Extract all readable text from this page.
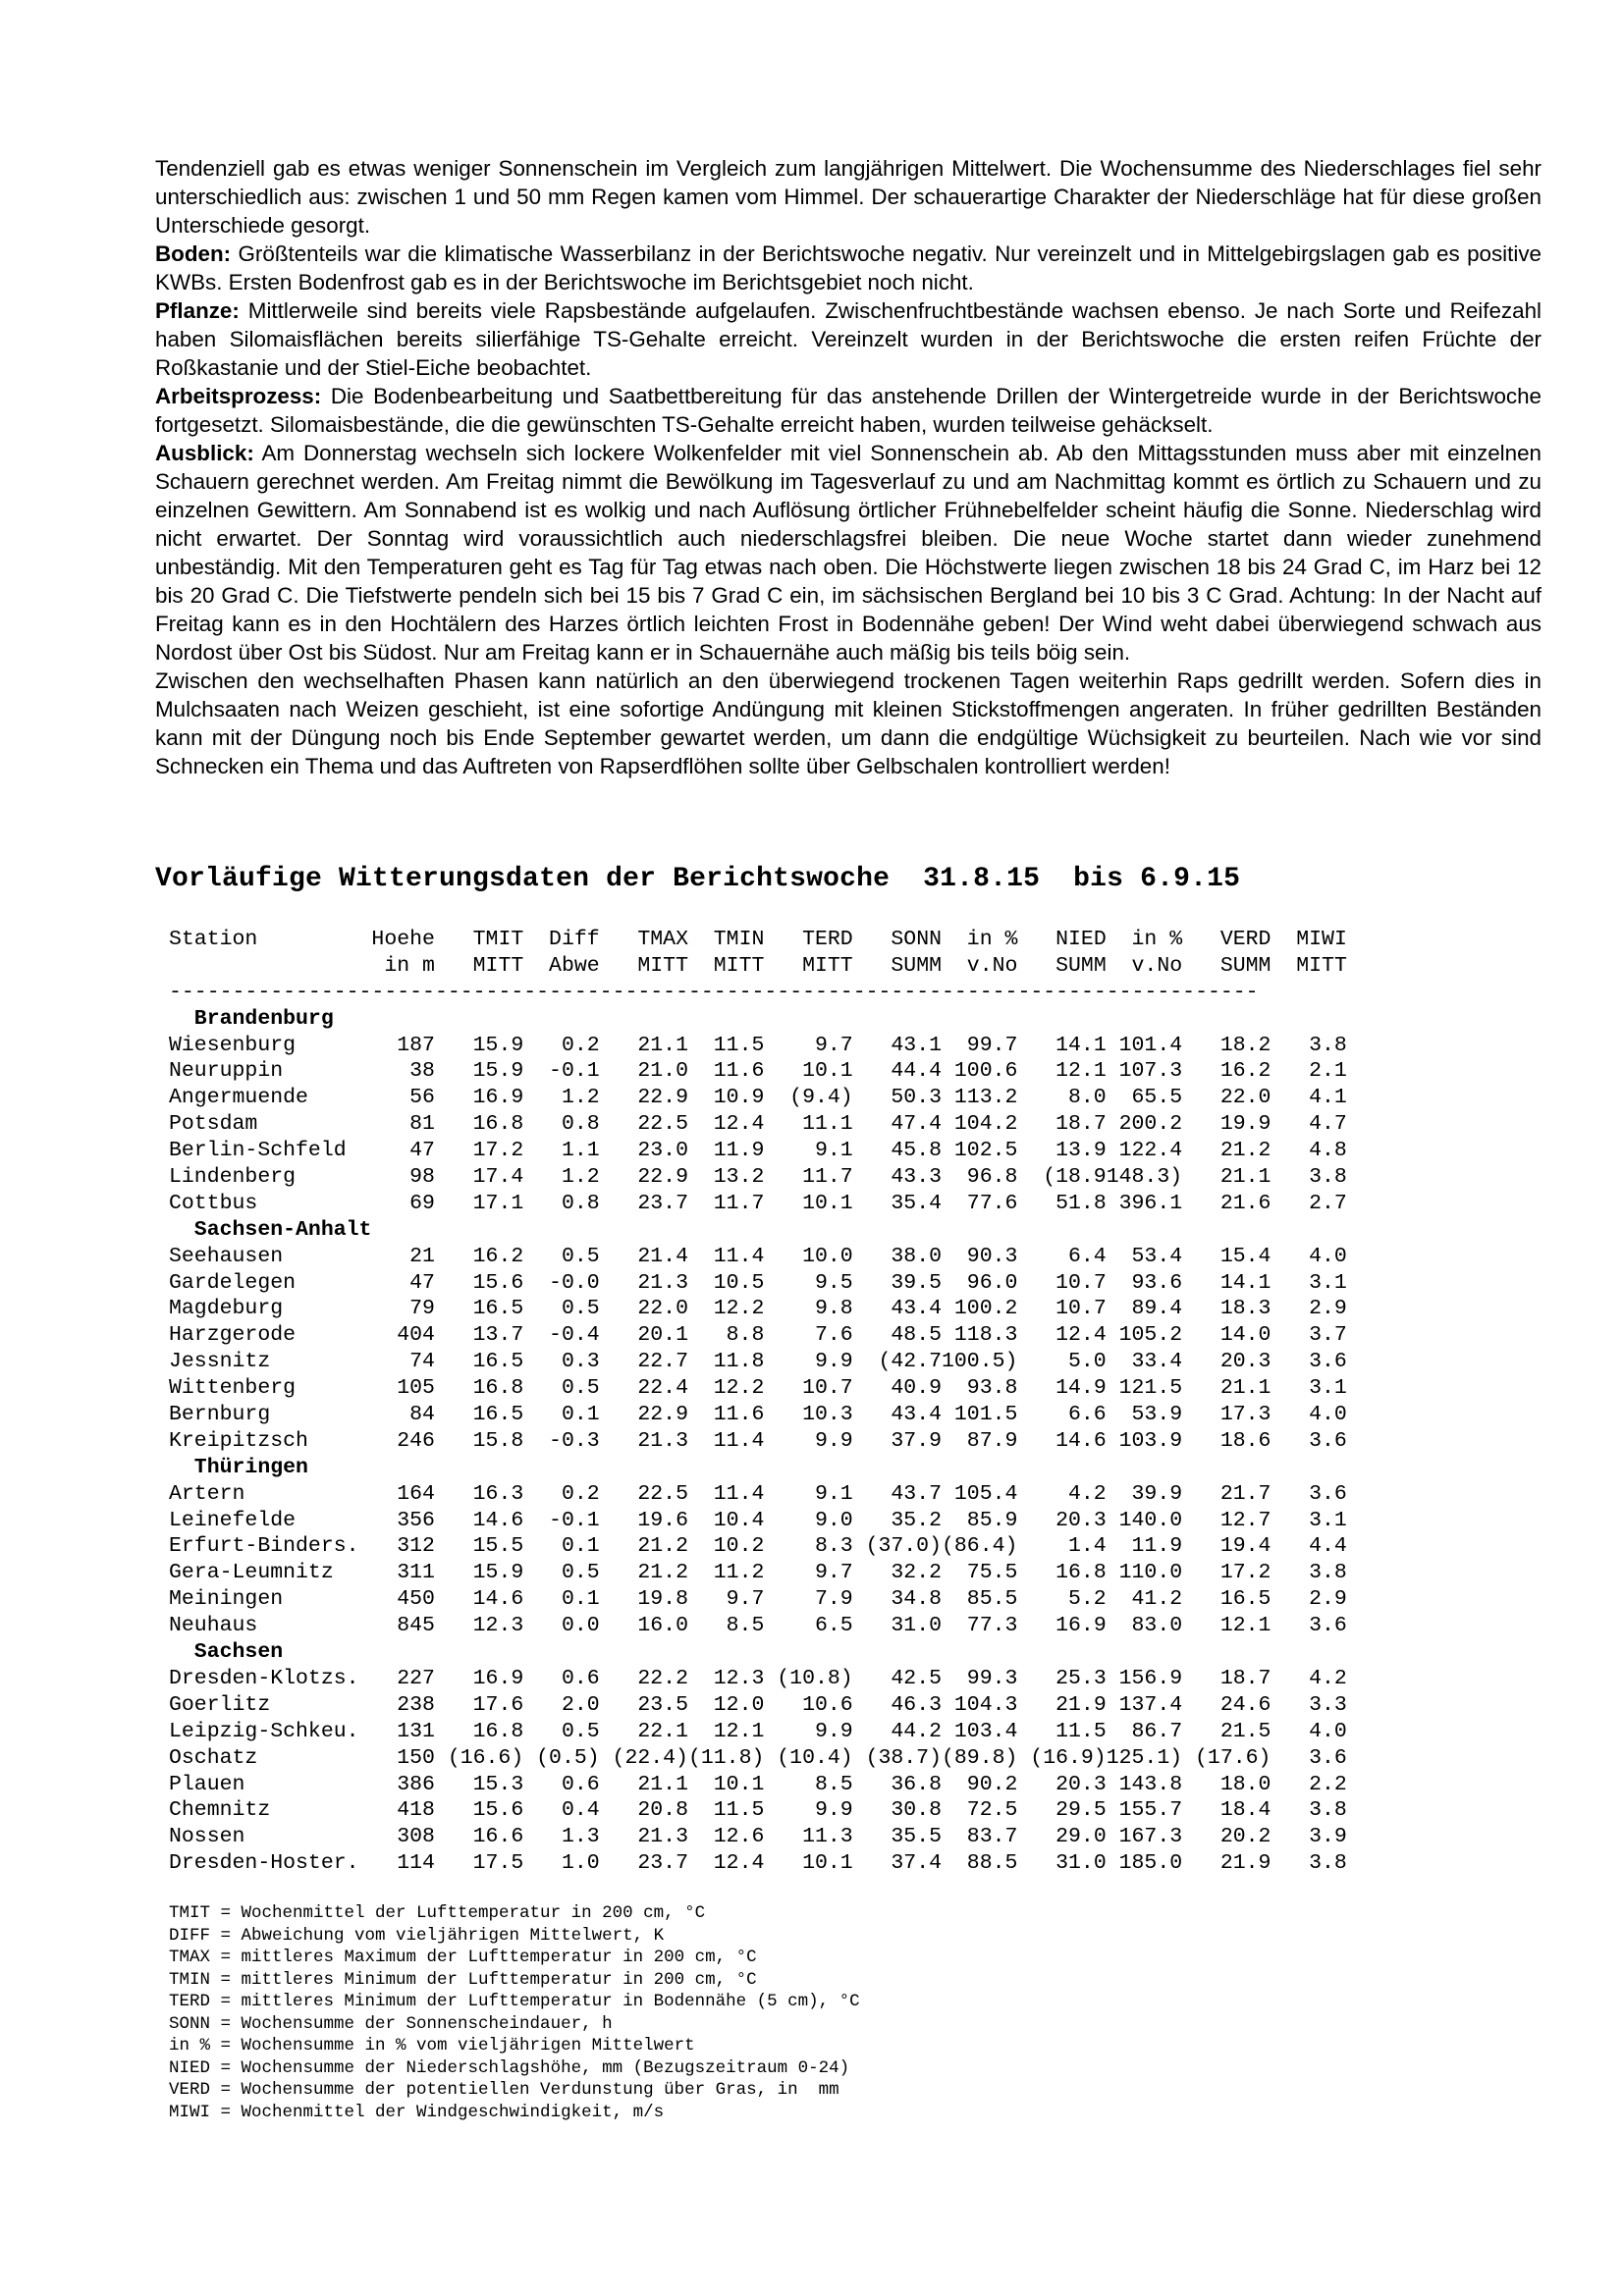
Tendenziell gab es etwas weniger Sonnenschein im Vergleich zum langjährigen Mittelwert. Die Wochensumme des Niederschlages fiel sehr unterschiedlich aus: zwischen 1 und 50 mm Regen kamen vom Himmel. Der schauerartige Charakter der Niederschläge hat für diese großen Unterschiede gesorgt.

Boden: Größtenteils war die klimatische Wasserbilanz in der Berichtswoche negativ. Nur vereinzelt und in Mittelgebirgslagen gab es positive KWBs. Ersten Bodenfrost gab es in der Berichtswoche im Berichtsgebiet noch nicht.

Pflanze: Mittlerweile sind bereits viele Rapsbestände aufgelaufen. Zwischenfruchtbestände wachsen ebenso. Je nach Sorte und Reifezahl haben Silomaisflächen bereits silierfähige TS-Gehalte erreicht. Vereinzelt wurden in der Berichtswoche die ersten reifen Früchte der Roßkastanie und der Stiel-Eiche beobachtet.

Arbeitsprozess: Die Bodenbearbeitung und Saatbettbereitung für das anstehende Drillen der Wintergetreide wurde in der Berichtswoche fortgesetzt. Silomaisbestände, die die gewünschten TS-Gehalte erreicht haben, wurden teilweise gehäckselt.

Ausblick: Am Donnerstag wechseln sich lockere Wolkenfelder mit viel Sonnenschein ab. Ab den Mittagsstunden muss aber mit einzelnen Schauern gerechnet werden. Am Freitag nimmt die Bewölkung im Tagesverlauf zu und am Nachmittag kommt es örtlich zu Schauern und zu einzelnen Gewittern. Am Sonnabend ist es wolkig und nach Auflösung örtlicher Frühnebelfelder scheint häufig die Sonne. Niederschlag wird nicht erwartet. Der Sonntag wird voraussichtlich auch niederschlagsfrei bleiben. Die neue Woche startet dann wieder zunehmend unbeständig. Mit den Temperaturen geht es Tag für Tag etwas nach oben. Die Höchstwerte liegen zwischen 18 bis 24 Grad C, im Harz bei 12 bis 20 Grad C. Die Tiefstwerte pendeln sich bei 15 bis 7 Grad C ein, im sächsischen Bergland bei 10 bis 3 C Grad. Achtung: In der Nacht auf Freitag kann es in den Hochtälern des Harzes örtlich leichten Frost in Bodennähe geben! Der Wind weht dabei überwiegend schwach aus Nordost über Ost bis Südost. Nur am Freitag kann er in Schauernähe auch mäßig bis teils böig sein.

Zwischen den wechselhaften Phasen kann natürlich an den überwiegend trockenen Tagen weiterhin Raps gedrillt werden. Sofern dies in Mulchsaaten nach Weizen geschieht, ist eine sofortige Andüngung mit kleinen Stickstoffmengen angeraten. In früher gedrillten Beständen kann mit der Düngung noch bis Ende September gewartet werden, um dann die endgültige Wüchsigkeit zu beurteilen. Nach wie vor sind Schnecken ein Thema und das Auftreten von Rapserdflöhen sollte über Gelbschalen kontrolliert werden!

Vorläufige Witterungsdaten der Berichtswoche  31.8.15  bis 6.9.15
Station	Hoehe TMIT Diff TMAX TMIN TERD SONN in % NIED in % VERD MIWI
in m MITT Abwe MITT MITT MITT SUMM v.No SUMM v.No SUMM MITT
--------------------------------------------------------------------------------------
Brandenburg
Wiesenburg	187 15.9 0.2 21.1 11.5 9.7 43.1 99.7 14.1 101.4 18.2 3.8
Neuruppin	38 15.9 -0.1 21.0 11.6 10.1 44.4 100.6 12.1 107.3 16.2 2.1
Angermuende	56 16.9 1.2 22.9 10.9 (9.4) 50.3 113.2 8.0 65.5 22.0 4.1
Potsdam	81 16.8 0.8 22.5 12.4 11.1 47.4 104.2 18.7 200.2 19.9 4.7
Berlin-Schfeld	47 17.2 1.1 23.0 11.9 9.1 45.8 102.5 13.9 122.4 21.2 4.8
Lindenberg	98 17.4 1.2 22.9 13.2 11.7 43.3 96.8 (18.9148.3) 21.1 3.8
Cottbus	69 17.1 0.8 23.7 11.7 10.1 35.4 77.6 51.8 396.1 21.6 2.7
Sachsen-Anhalt
Seehausen	21 16.2 0.5 21.4 11.4 10.0 38.0 90.3 6.4 53.4 15.4 4.0
Gardelegen	47 15.6 -0.0 21.3 10.5 9.5 39.5 96.0 10.7 93.6 14.1 3.1
Magdeburg	79 16.5 0.5 22.0 12.2 9.8 43.4 100.2 10.7 89.4 18.3 2.9
Harzgerode	404 13.7 -0.4 20.1 8.8 7.6 48.5 118.3 12.4 105.2 14.0 3.7
Jessnitz	74 16.5 0.3 22.7 11.8 9.9 (42.7100.5) 5.0 33.4 20.3 3.6
Wittenberg	105 16.8 0.5 22.4 12.2 10.7 40.9 93.8 14.9 121.5 21.1 3.1
Bernburg	84 16.5 0.1 22.9 11.6 10.3 43.4 101.5 6.6 53.9 17.3 4.0
Kreipitzsch	246 15.8 -0.3 21.3 11.4 9.9 37.9 87.9 14.6 103.9 18.6 3.6
Thüringen
Artern	164 16.3 0.2 22.5 11.4 9.1 43.7 105.4 4.2 39.9 21.7 3.6
Leinefelde	356 14.6 -0.1 19.6 10.4 9.0 35.2 85.9 20.3 140.0 12.7 3.1
Erfurt-Binders. 312 15.5 0.1 21.2 10.2 8.3 (37.0)(86.4) 1.4 11.9 19.4 4.4
Gera-Leumnitz	311 15.9 0.5 21.2 11.2 9.7 32.2 75.5 16.8 110.0 17.2 3.8
Meiningen	450 14.6 0.1 19.8 9.7 7.9 34.8 85.5 5.2 41.2 16.5 2.9
Neuhaus	845 12.3 0.0 16.0 8.5 6.5 31.0 77.3 16.9 83.0 12.1 3.6
Sachsen
Dresden-Klotzs. 227 16.9 0.6 22.2 12.3 (10.8) 42.5 99.3 25.3 156.9 18.7 4.2
Goerlitz	238 17.6 2.0 23.5 12.0 10.6 46.3 104.3 21.9 137.4 24.6 3.3
Leipzig-Schkeu. 131 16.8 0.5 22.1 12.1 9.9 44.2 103.4 11.5 86.7 21.5 4.0
Oschatz	150 (16.6) (0.5) (22.4)(11.8) (10.4) (38.7)(89.8) (16.9)125.1) (17.6) 3.6
Plauen	386 15.3 0.6 21.1 10.1 8.5 36.8 90.2 20.3 143.8 18.0 2.2
Chemnitz	418 15.6 0.4 20.8 11.5 9.9 30.8 72.5 29.5 155.7 18.4 3.8
Nossen	308 16.6 1.3 21.3 12.6 11.3 35.5 83.7 29.0 167.3 20.2 3.9
Dresden-Hoster. 114 17.5 1.0 23.7 12.4 10.1 37.4 88.5 31.0 185.0 21.9 3.8
TMIT = Wochenmittel der Lufttemperatur in 200 cm, °C
DIFF = Abweichung vom vieljährigen Mittelwert, K
TMAX = mittleres Maximum der Lufttemperatur in 200 cm, °C
TMIN = mittleres Minimum der Lufttemperatur in 200 cm, °C
TERD = mittleres Minimum der Lufttemperatur in Bodennähe (5 cm), °C
SONN = Wochensumme der Sonnenscheindauer, h
in % = Wochensumme in % vom vieljährigen Mittelwert
NIED = Wochensumme der Niederschlagshöhe, mm (Bezugszeitraum 0-24)
VERD = Wochensumme der potentiellen Verdunstung über Gras, in  mm
MIWI = Wochenmittel der Windgeschwindigkeit, m/s
